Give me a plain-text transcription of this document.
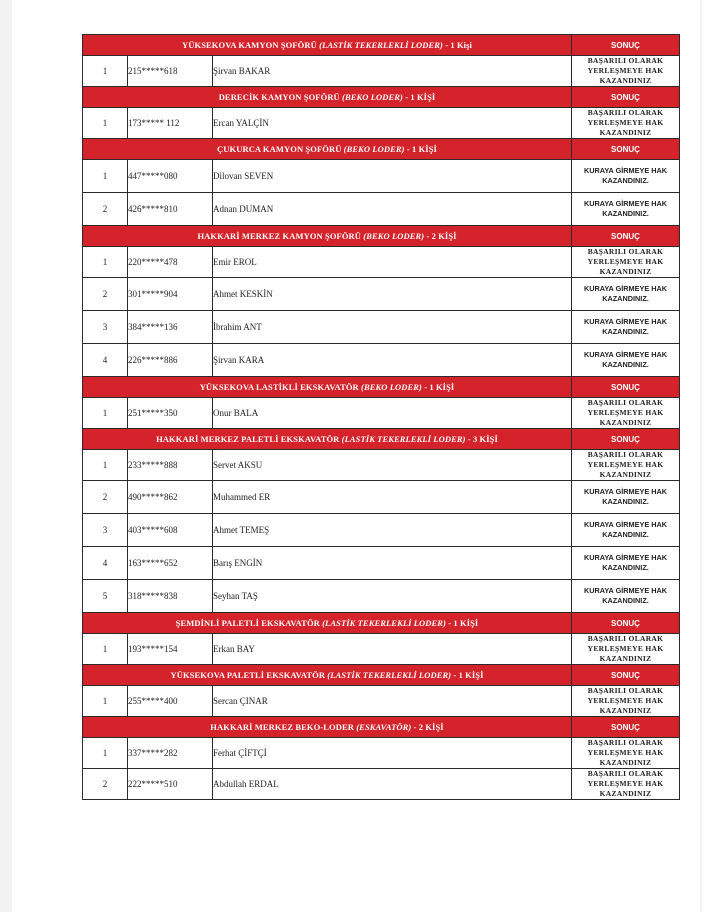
YÜKSEKOVA KAMYON ŞOFÖRÜ (LASTİK TEKERLEKLİ LODER) - 1 Kişi			SONUÇ
1	215*****618	Şirvan BAKAR	BAŞARILI OLARAK
YERLEŞMEYE HAK
KAZANDINIZ

DERECİK KAMYON ŞOFÖRÜ (BEKO LODER) - 1 KİŞİ			SONUÇ
1	173***** 112	Ercan YALÇİN	BAŞARILI OLARAK
YERLEŞMEYE HAK
KAZANDINIZ

ÇUKURCA KAMYON ŞOFÖRÜ (BEKO LODER) - 1 KİŞİ			SONUÇ
1	447*****080	Dilovan SEVEN	KURAYA GİRMEYE HAK
KAZANDINIZ.

2	426*****810	Adnan DUMAN	KURAYA GİRMEYE HAK
KAZANDINIZ.

HAKKARİ MERKEZ KAMYON ŞOFÖRÜ (BEKO LODER) - 2 KİŞİ			SONUÇ
1	220*****478	Emir EROL	BAŞARILI OLARAK
YERLEŞMEYE HAK
KAZANDINIZ

2	301*****904	Ahmet KESKİN	KURAYA GİRMEYE HAK
KAZANDINIZ.

3	384*****136	İbrahim ANT	KURAYA GİRMEYE HAK
KAZANDINIZ.

4	226*****886	Şirvan KARA	KURAYA GİRMEYE HAK
KAZANDINIZ.

YÜKSEKOVA LASTİKLİ EKSKAVATÖR (BEKO LODER) - 1 KİŞİ			SONUÇ
1	251*****350	Onur BALA	BAŞARILI OLARAK
YERLEŞMEYE HAK
KAZANDINIZ

HAKKARİ MERKEZ PALETLİ EKSKAVATÖR (LASTİK TEKERLEKLİ LODER) - 3 KİŞİ			SONUÇ
1	233*****888	Servet AKSU	BAŞARILI OLARAK
YERLEŞMEYE HAK
KAZANDINIZ

2	490*****862	Muhammed ER	KURAYA GİRMEYE HAK
KAZANDINIZ.

3	403*****608	Ahmet TEMEŞ	KURAYA GİRMEYE HAK
KAZANDINIZ.

4	163*****652	Barış ENGİN	KURAYA GİRMEYE HAK
KAZANDINIZ.

5	318*****838	Seyhan TAŞ	KURAYA GİRMEYE HAK
KAZANDINIZ.

ŞEMDİNLİ PALETLİ EKSKAVATÖR (LASTİK TEKERLEKLİ LODER) - 1 KİŞİ			SONUÇ
1	193*****154	Erkan BAY	BAŞARILI OLARAK
YERLEŞMEYE HAK
KAZANDINIZ

YÜKSEKOVA PALETLİ EKSKAVATÖR (LASTİK TEKERLEKLİ LODER) - 1 KİŞİ			SONUÇ
1	255*****400	Sercan ÇINAR	BAŞARILI OLARAK
YERLEŞMEYE HAK
KAZANDINIZ

HAKKARİ MERKEZ BEKO-LODER (ESKAVATÖR) - 2 KİŞİ			SONUÇ
1	337*****282	Ferhat ÇİFTÇİ	BAŞARILI OLARAK
YERLEŞMEYE HAK
KAZANDINIZ

2	222*****510	Abdullah ERDAL	BAŞARILI OLARAK
YERLEŞMEYE HAK
KAZANDINIZ
